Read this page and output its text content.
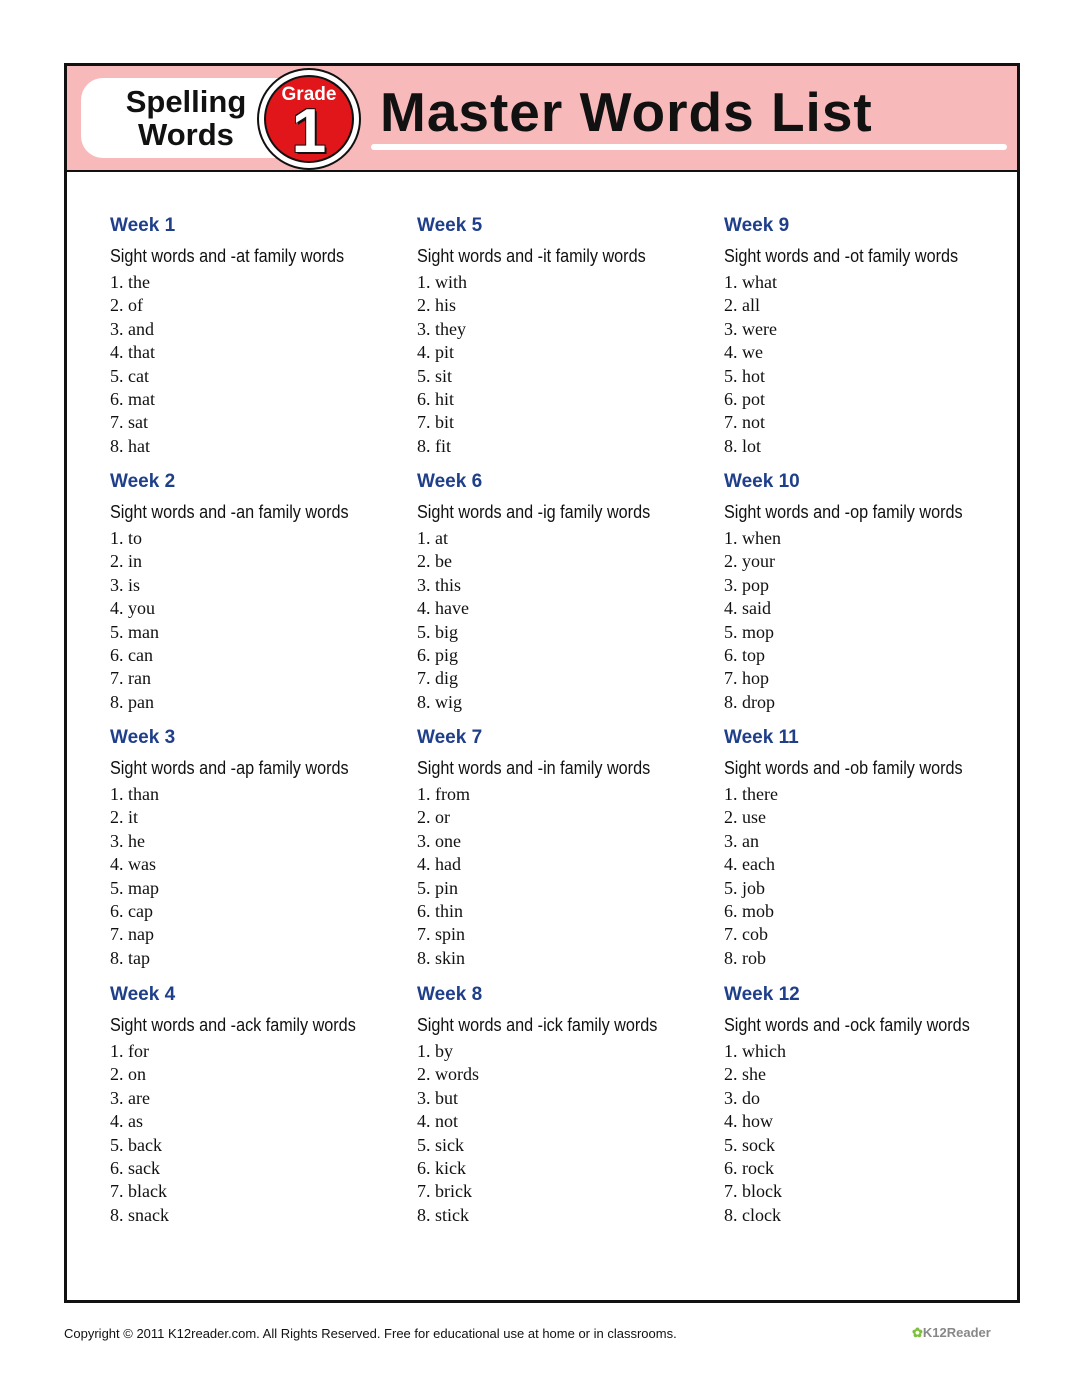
Spelling
Words
Grade
1 Master Words List
Week 1
Sight words and -at family words
1. the
2. of
3. and
4. that
5. cat
6. mat
7. sat
8. hat
Week 2
Sight words and -an family words
1. to
2. in
3. is
4. you
5. man
6. can
7. ran
8. pan
Week 3
Sight words and -ap family words
1. than
2. it
3. he
4. was
5. map
6. cap
7. nap
8. tap
Week 4
Sight words and -ack family words
1. for
2. on
3. are
4. as
5. back
6. sack
7. black
8. snack
Week 5
Sight words and -it family words
1. with
2. his
3. they
4. pit
5. sit
6. hit
7. bit
8. fit
Week 6
Sight words and -ig family words
1. at
2. be
3. this
4. have
5. big
6. pig
7. dig
8. wig
Week 7
Sight words and -in family words
1. from
2. or
3. one
4. had
5. pin
6. thin
7. spin
8. skin
Week 8
Sight words and -ick family words
1. by
2. words
3. but
4. not
5. sick
6. kick
7. brick
8. stick
Week 9
Sight words and -ot family words
1. what
2. all
3. were
4. we
5. hot
6. pot
7. not
8. lot
Week 10
Sight words and -op family words
1. when
2. your
3. pop
4. said
5. mop
6. top
7. hop
8. drop
Week 11
Sight words and -ob family words
1. there
2. use
3. an
4. each
5. job
6. mob
7. cob
8. rob
Week 12
Sight words and -ock family words
1. which
2. she
3. do
4. how
5. sock
6. rock
7. block
8. clock
Copyright © 2011 K12reader.com. All Rights Reserved. Free for educational use at home or in classrooms.	✿K12Reader
